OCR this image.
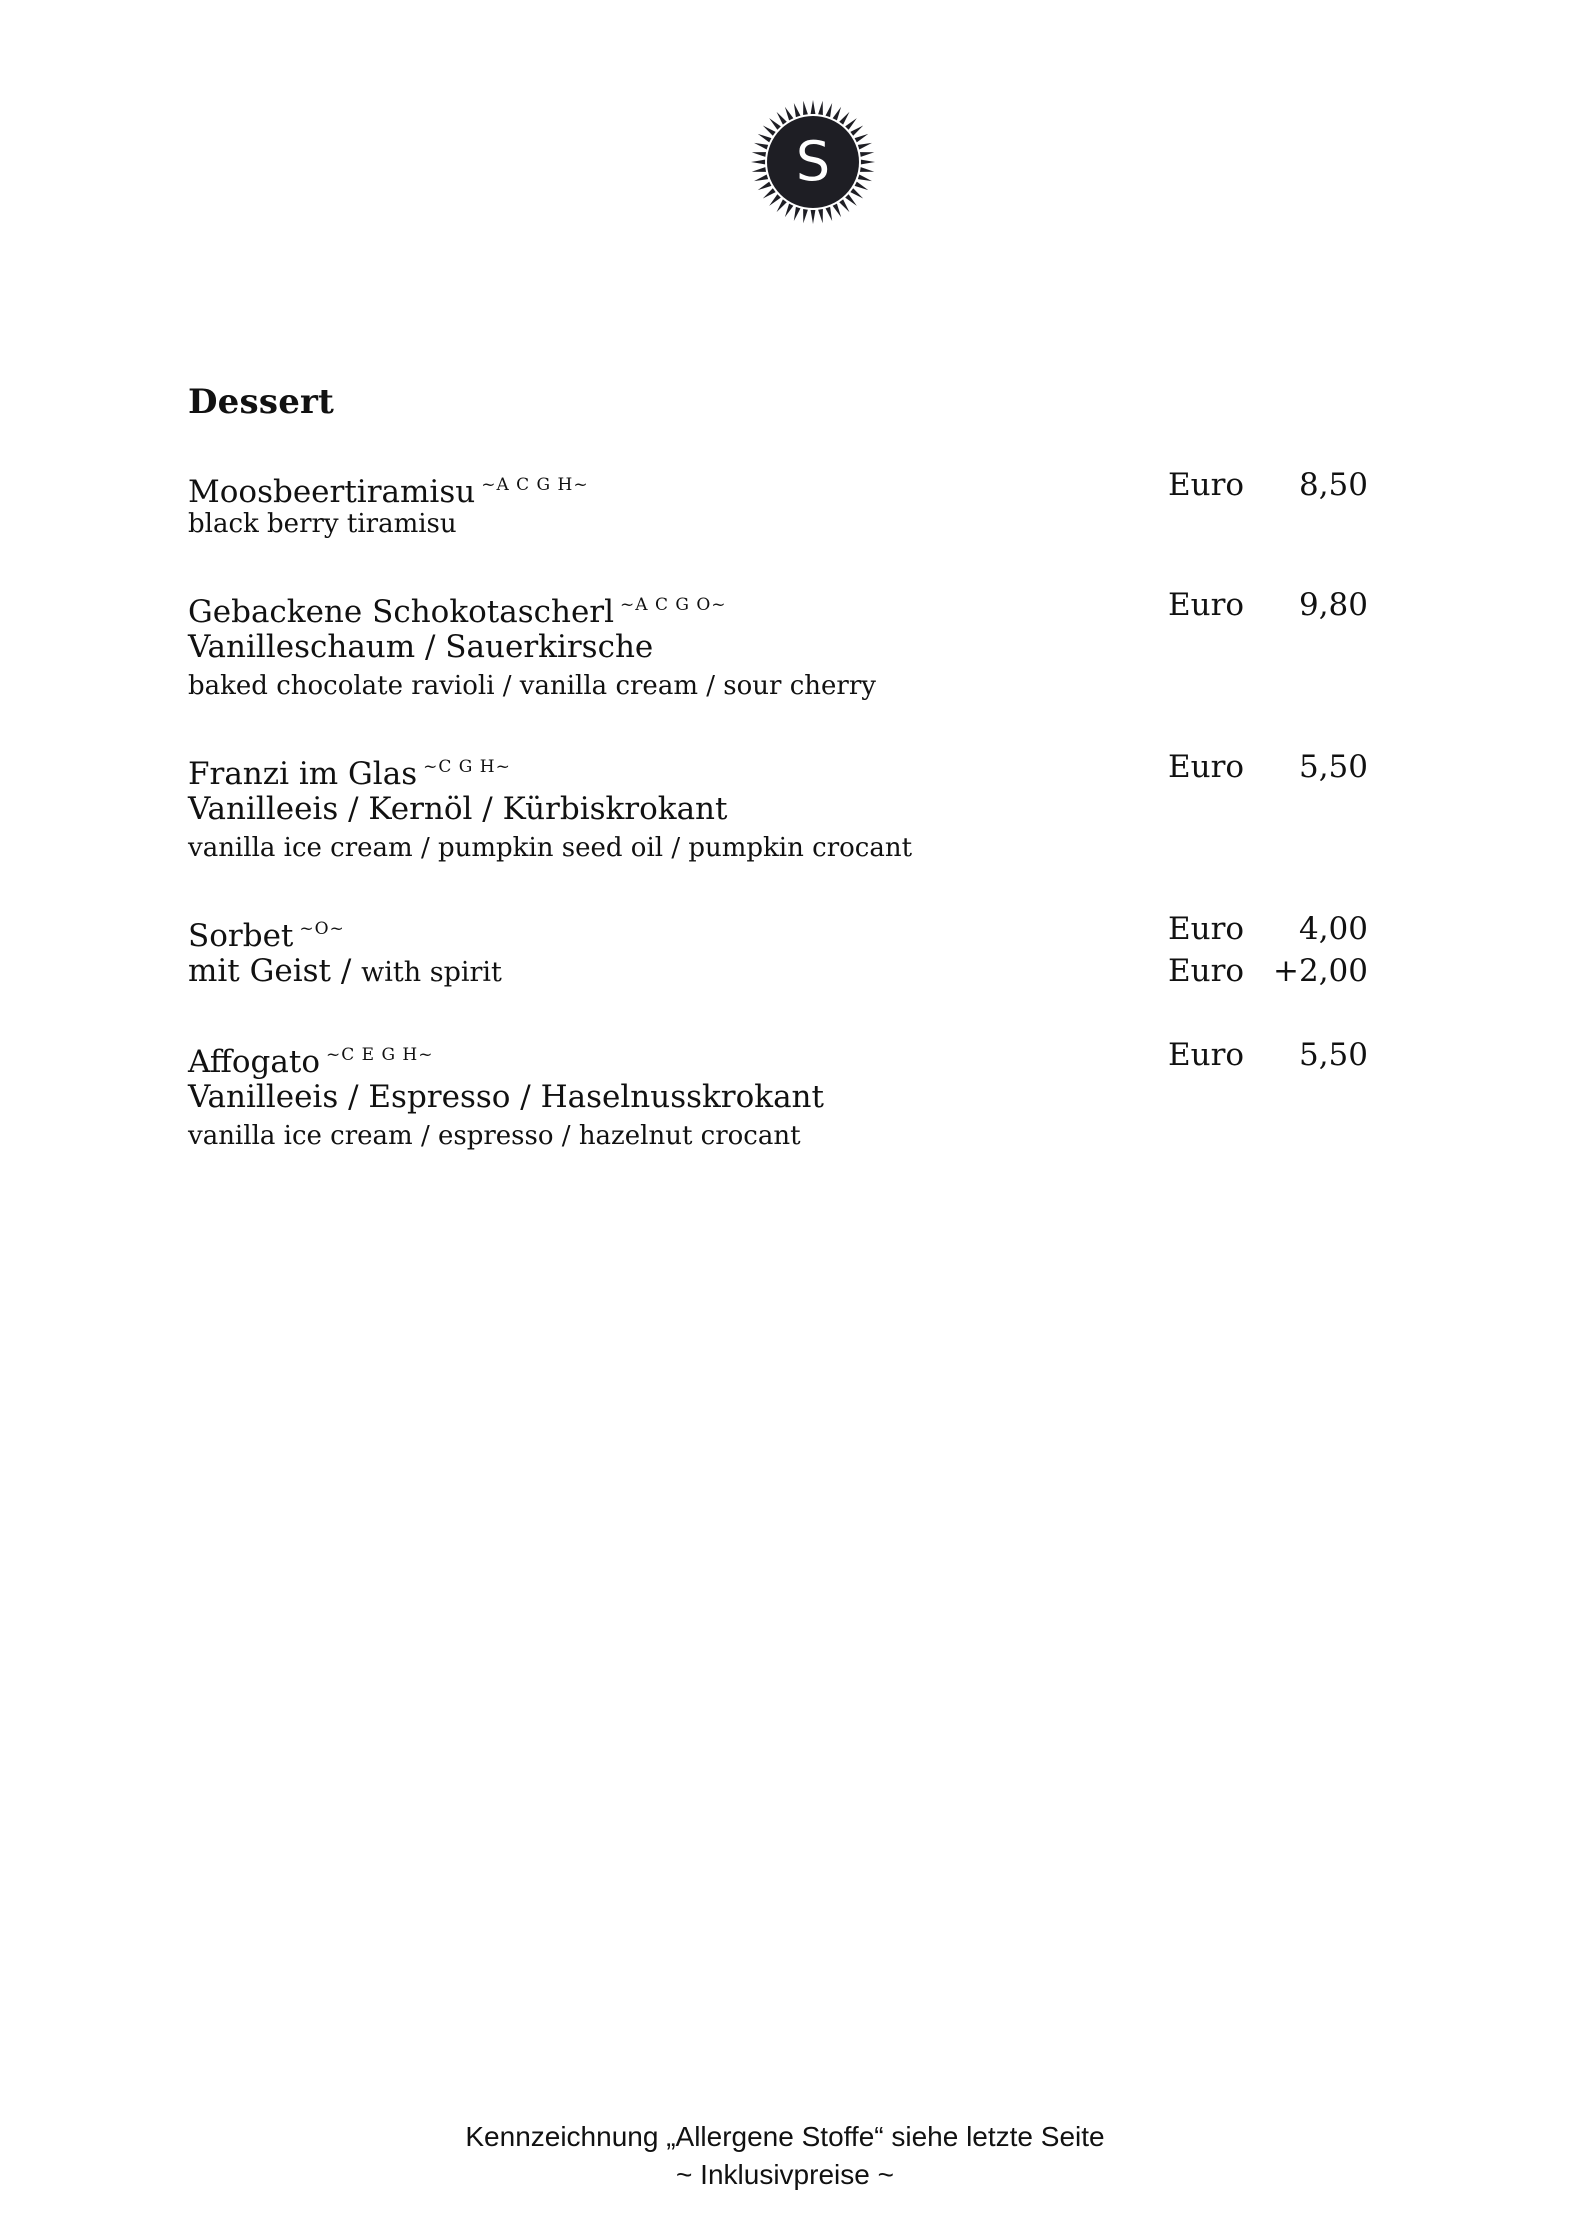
S
Dessert
Moosbeertiramisu $^{\sim A C G H\sim}$	Euro	8,50
black berry tiramisu
Gebackene Schokotascherl $^{\sim A C G O\sim}$	Euro	9,80
Vanilleschaum / Sauerkirsche
baked chocolate ravioli / vanilla cream / sour cherry
Franzi im Glas $^{\sim C G H\sim}$	Euro	5,50
Vanilleeis / Kernöl / Kürbiskrokant
vanilla ice cream / pumpkin seed oil / pumpkin crocant
Sorbet $^{\sim O\sim}$	Euro	4,00
mit Geist / with spirit	Euro +2,00
Affogato $^{\sim C E G H\sim}$	Euro	5,50
Vanilleeis / Espresso / Haselnusskrokant
vanilla ice cream / espresso / hazelnut crocant
Kennzeichnung „Allergene Stoffe“ siehe letzte Seite
~ Inklusivpreise ~
